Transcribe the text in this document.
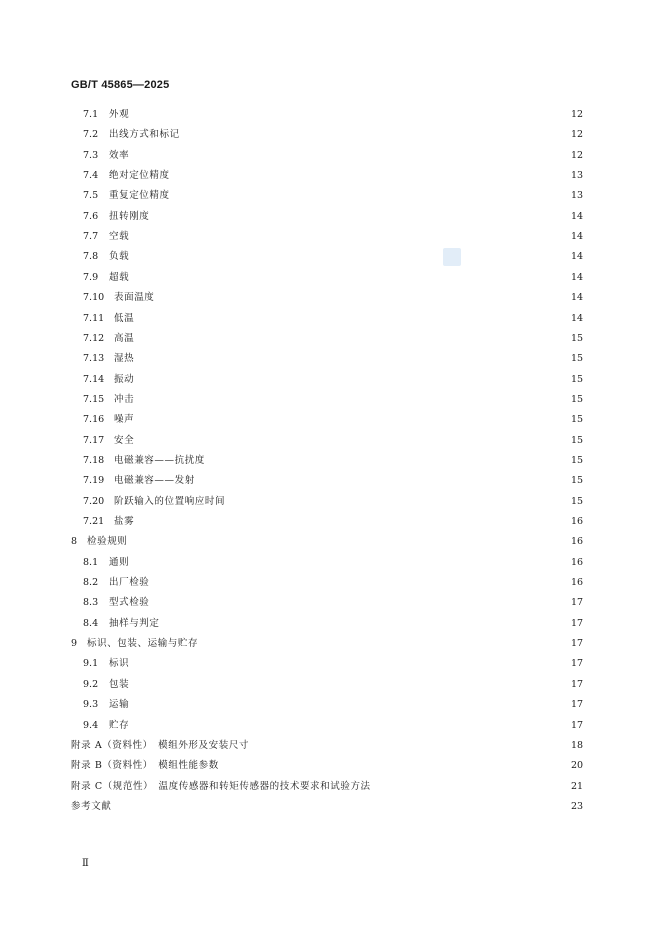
GB/T 45865—2025
7.1	外观	12
7.2	出线方式和标记	12
7.3	效率	12
7.4	绝对定位精度	13
7.5	重复定位精度	13
7.6	扭转刚度	14
7.7	空载	14
7.8	负载	14
7.9	超载	14
7.10	表面温度	14
7.11	低温	14
7.12	高温	15
7.13	湿热	15
7.14	振动	15
7.15	冲击	15
7.16	噪声	15
7.17	安全	15
7.18	电磁兼容——抗扰度	15
7.19	电磁兼容——发射	15
7.20	阶跃输入的位置响应时间	15
7.21	盐雾	16
8	检验规则	16
8.1	通则	16
8.2	出厂检验	16
8.3	型式检验	17
8.4	抽样与判定	17
9	标识、包装、运输与贮存	17
9.1	标识	17
9.2	包装	17
9.3	运输	17
9.4	贮存	17
附录 A（资料性）　模组外形及安装尺寸	18
附录 B（资料性）　模组性能参数	20
附录 C（规范性）　温度传感器和转矩传感器的技术要求和试验方法	21
参考文献	23
Ⅱ
